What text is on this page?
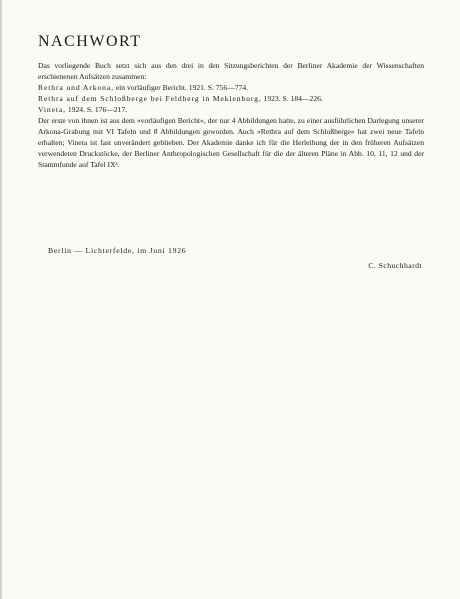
NACHWORT

Das vorliegende Buch setzt sich aus den drei in den Sitzungsberichten der Berliner Akademie der Wissenschaften erschienenen Aufsätzen zusammen:

Rethra und Arkona, ein vorläufiger Bericht. 1921. S. 756—774.

Rethra auf dem Schloßberge bei Feldberg in Meklenburg, 1923. S. 184—226.

Vineta, 1924. S. 176—217.

Der erste von ihnen ist aus dem »vorläufigen Bericht«, der nur 4 Abbildungen hatte, zu einer ausführlichen Darlegung unserer Arkona-Grabung mit VI Tafeln und 8 Abbildungen geworden. Auch »Rethra auf dem Schloßberge« hat zwei neue Tafeln erhalten; Vineta ist fast unverändert geblieben. Der Akademie danke ich für die Herleihung der in den früheren Aufsätzen verwendeten Druckstöcke, der Berliner Anthropologischen Gesellschaft für die der älteren Pläne in Abb. 10, 11, 12 und der Stammfunde auf Tafel IXᵃ.

Berlin — Lichterfelde, im Juni 1926
C. Schuchhardt
